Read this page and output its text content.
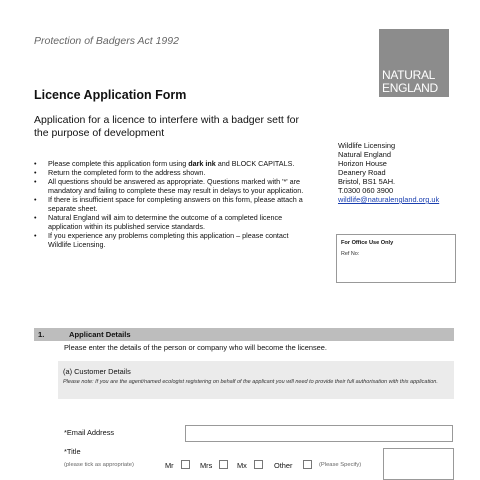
Protection of Badgers Act 1992
NATURAL
ENGLAND
Licence Application Form
Application for a licence to interfere with a badger sett for the purpose of development
• Please complete this application form using dark ink and BLOCK CAPITALS.
• Return the completed form to the address shown.
• All questions should be answered as appropriate. Questions marked with '*' are mandatory and failing to complete these may result in delays to your application.
• If there is insufficient space for completing answers on this form, please attach a separate sheet.
• Natural England will aim to determine the outcome of a completed licence application within its published service standards.
• If you experience any problems completing this application – please contact Wildlife Licensing.
Wildlife Licensing
Natural England
Horizon House
Deanery Road
Bristol, BS1 5AH.
T.0300 060 3900
wildlife@naturalengland.org.uk
For Office Use Only
Ref No:
1.	Applicant Details
Please enter the details of the person or company who will become the licensee.
(a) Customer Details
Please note: If you are the agent/named ecologist registering on behalf of the applicant you will need to provide their full authorisation with this application.
*Email Address
*Title
(please tick as appropriate)	Mr	Mrs	Mx	Other	(Please Specify)
